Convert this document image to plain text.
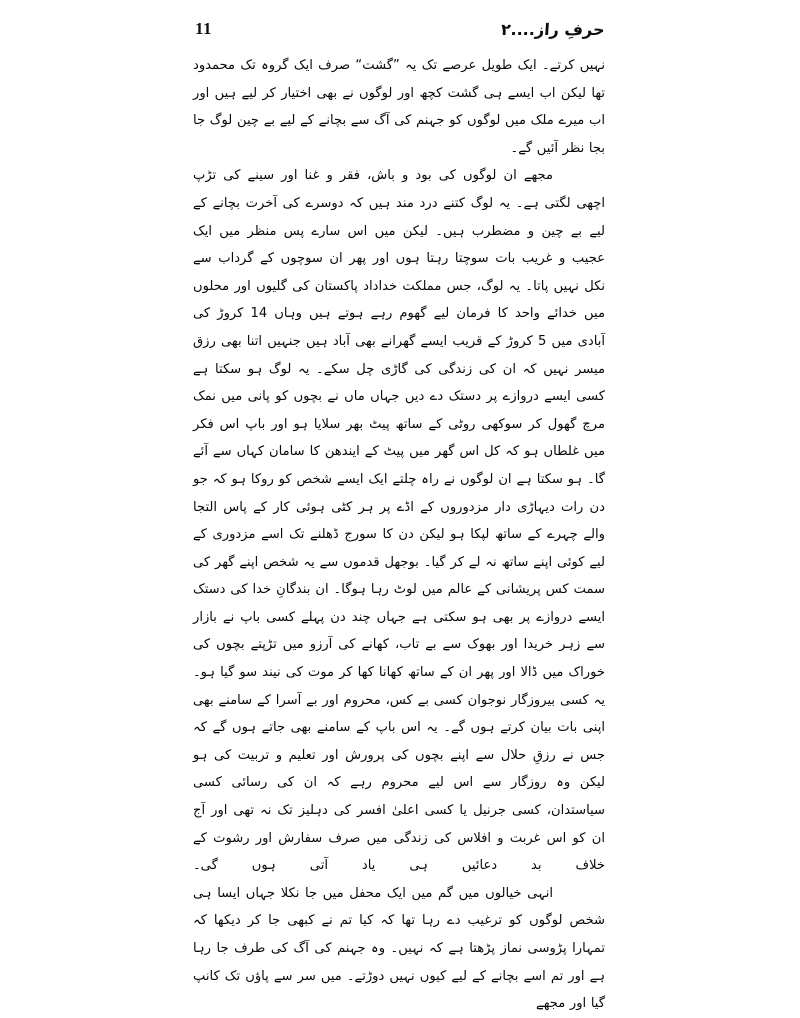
11	حرفِ راز....۲

نہیں کرتے۔ ایک طویل عرصے تک یہ ”گشت“ صرف ایک گروہ تک محمدود تھا لیکن اب ایسے ہی گشت کچھ اور لوگوں نے بھی اختیار کر لیے ہیں اور اب میرے ملک میں لوگوں کو جہنم کی آگ سے بچانے کے لیے بے چین لوگ جا بجا نظر آئیں گے۔

مجھے ان لوگوں کی بود و باش، فقر و غنا اور سینے کی تڑپ اچھی لگتی ہے۔ یہ لوگ کتنے درد مند ہیں کہ دوسرے کی آخرت بچانے کے لیے بے چین و مضطرب ہیں۔ لیکن میں اس سارے پس منظر میں ایک عجیب و غریب بات سوچتا رہتا ہوں اور پھر ان سوچوں کے گرداب سے نکل نہیں پاتا۔ یہ لوگ، جس مملکت خداداد پاکستان کی گلیوں اور محلوں میں خدائے واحد کا فرمان لیے گھوم رہے ہوتے ہیں وہاں 14 کروڑ کی آبادی میں 5 کروڑ کے قریب ایسے گھرانے بھی آباد ہیں جنہیں اتنا بھی رزق میسر نہیں کہ ان کی زندگی کی گاڑی چل سکے۔ یہ لوگ ہو سکتا ہے کسی ایسے دروازے پر دستک دے دیں جہاں ماں نے بچوں کو پانی میں نمک مرچ گھول کر سوکھی روٹی کے ساتھ پیٹ بھر سلایا ہو اور باپ اس فکر میں غلطاں ہو کہ کل اس گھر میں پیٹ کے ایندھن کا سامان کہاں سے آئے گا۔ ہو سکتا ہے ان لوگوں نے راہ چلتے ایک ایسے شخص کو روکا ہو کہ جو دن رات دیہاڑی دار مزدوروں کے اڈے پر ہر کٹی ہوئی کار کے پاس التجا والے چہرے کے ساتھ لپکا ہو لیکن دن کا سورج ڈھلنے تک اسے مزدوری کے لیے کوئی اپنے ساتھ نہ لے کر گیا۔ بوجھل قدموں سے یہ شخص اپنے گھر کی سمت کس پریشانی کے عالم میں لوٹ رہا ہوگا۔ ان بندگانِ خدا کی دستک ایسے دروازے پر بھی ہو سکتی ہے جہاں چند دن پہلے کسی باپ نے بازار سے زہر خریدا اور بھوک سے بے تاب، کھانے کی آرزو میں تڑپتے بچوں کی خوراک میں ڈالا اور پھر ان کے ساتھ کھانا کھا کر موت کی نیند سو گیا ہو۔ یہ کسی بیروزگار نوجوان کسی بے کس، محروم اور بے آسرا کے سامنے بھی اپنی بات بیان کرتے ہوں گے۔ یہ اس باپ کے سامنے بھی جاتے ہوں گے کہ جس نے رزقِ حلال سے اپنے بچوں کی پرورش اور تعلیم و تربیت کی ہو لیکن وہ روزگار سے اس لیے محروم رہے کہ ان کی رسائی کسی سیاستدان، کسی جرنیل یا کسی اعلیٰ افسر کی دہلیز تک نہ تھی اور آج ان کو اس غربت و افلاس کی زندگی میں صرف سفارش اور رشوت کے خلاف بد دعائیں ہی یاد آتی ہوں گی۔

انہی خیالوں میں گم میں ایک محفل میں جا نکلا جہاں ایسا ہی شخص لوگوں کو ترغیب دے رہا تھا کہ کیا تم نے کبھی جا کر دیکھا کہ تمہارا پڑوسی نماز پڑھتا ہے کہ نہیں۔ وہ جہنم کی آگ کی طرف جا رہا ہے اور تم اسے بچانے کے لیے کیوں نہیں دوڑتے۔ میں سر سے پاؤں تک کانپ گیا اور مجھے
